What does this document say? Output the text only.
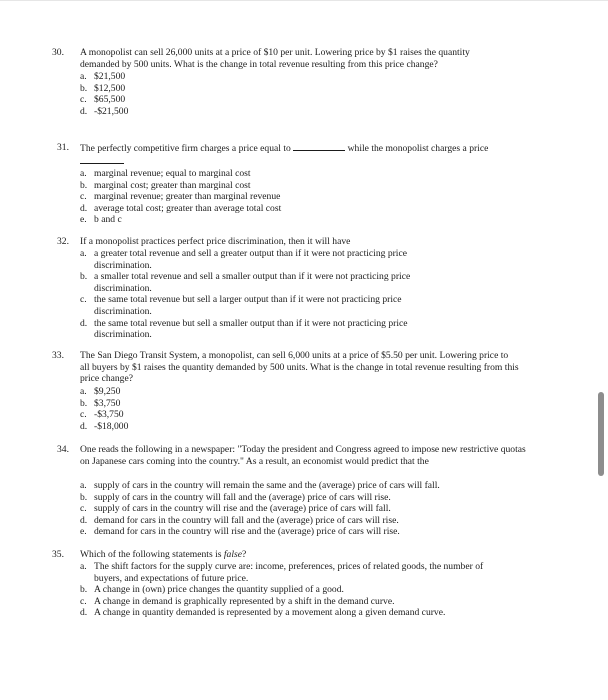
30. A monopolist can sell 26,000 units at a price of $10 per unit. Lowering price by $1 raises the quantity demanded by 500 units. What is the change in total revenue resulting from this price change?
a. $21,500
b. $12,500
c. $65,500
d. -$21,500
31. The perfectly competitive firm charges a price equal to	while the monopolist charges a price

a. marginal revenue; equal to marginal cost
b. marginal cost; greater than marginal cost
c. marginal revenue; greater than marginal revenue
d. average total cost; greater than average total cost
e. b and c
32. If a monopolist practices perfect price discrimination, then it will have
a. a greater total revenue and sell a greater output than if it were not practicing price discrimination.
b. a smaller total revenue and sell a smaller output than if it were not practicing price discrimination.
c. the same total revenue but sell a larger output than if it were not practicing price discrimination.
d. the same total revenue but sell a smaller output than if it were not practicing price discrimination.
33. The San Diego Transit System, a monopolist, can sell 6,000 units at a price of $5.50 per unit. Lowering price to all buyers by $1 raises the quantity demanded by 500 units. What is the change in total revenue resulting from this price change?
a. $9,250
b. $3,750
c. -$3,750
d. -$18,000
34. One reads the following in a newspaper: "Today the president and Congress agreed to impose new restrictive quotas on Japanese cars coming into the country." As a result, an economist would predict that the
a. supply of cars in the country will remain the same and the (average) price of cars will fall.
b. supply of cars in the country will fall and the (average) price of cars will rise.
c. supply of cars in the country will rise and the (average) price of cars will fall.
d. demand for cars in the country will fall and the (average) price of cars will rise.
e. demand for cars in the country will rise and the (average) price of cars will rise.
35. Which of the following statements is false?
a. The shift factors for the supply curve are: income, preferences, prices of related goods, the number of buyers, and expectations of future price.
b. A change in (own) price changes the quantity supplied of a good.
c. A change in demand is graphically represented by a shift in the demand curve.
d. A change in quantity demanded is represented by a movement along a given demand curve.
